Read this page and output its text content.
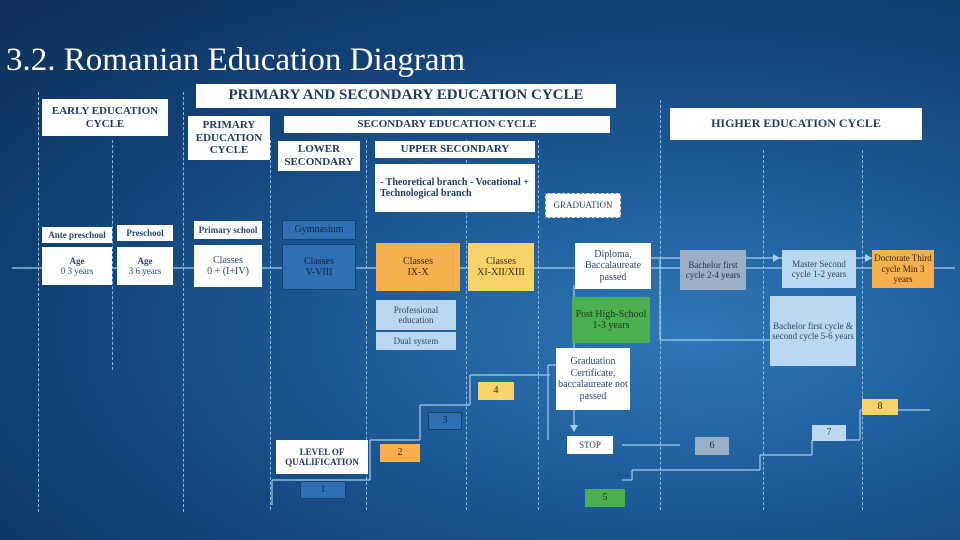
3.2. Romanian Education Diagram
PRIMARY AND SECONDARY EDUCATION CYCLE
EARLY EDUCATION CYCLE	PRIMARY EDUCATION CYCLE
SECONDARY EDUCATION CYCLE	HIGHER EDUCATION CYCLE
LOWER SECONDARY
UPPER SECONDARY
- Theoretical branch - Vocational + Technological branch
GRADUATION
Ante preschool
Age
0 3 years
Preschool
Age
3 6 years
Primary school
Classes
0 + (I+IV)
Gymnasium
Classes
V-VIII
Classes
IX-X
Classes
XI-XII/XIII
Professional education
Dual system
Diploma, Baccalaureate passed
Post High-School 1-3 years
Graduation Certificate, baccalaureate not passed
STOP
Bachelor first cycle 2-4 years
Master Second cycle 1-2 years
Doctorate Third cycle Min 3 years
Bachelor first cycle & second cycle 5-6 years
LEVEL OF QUALIFICATION
1
2
3
4
5
6
7
8
